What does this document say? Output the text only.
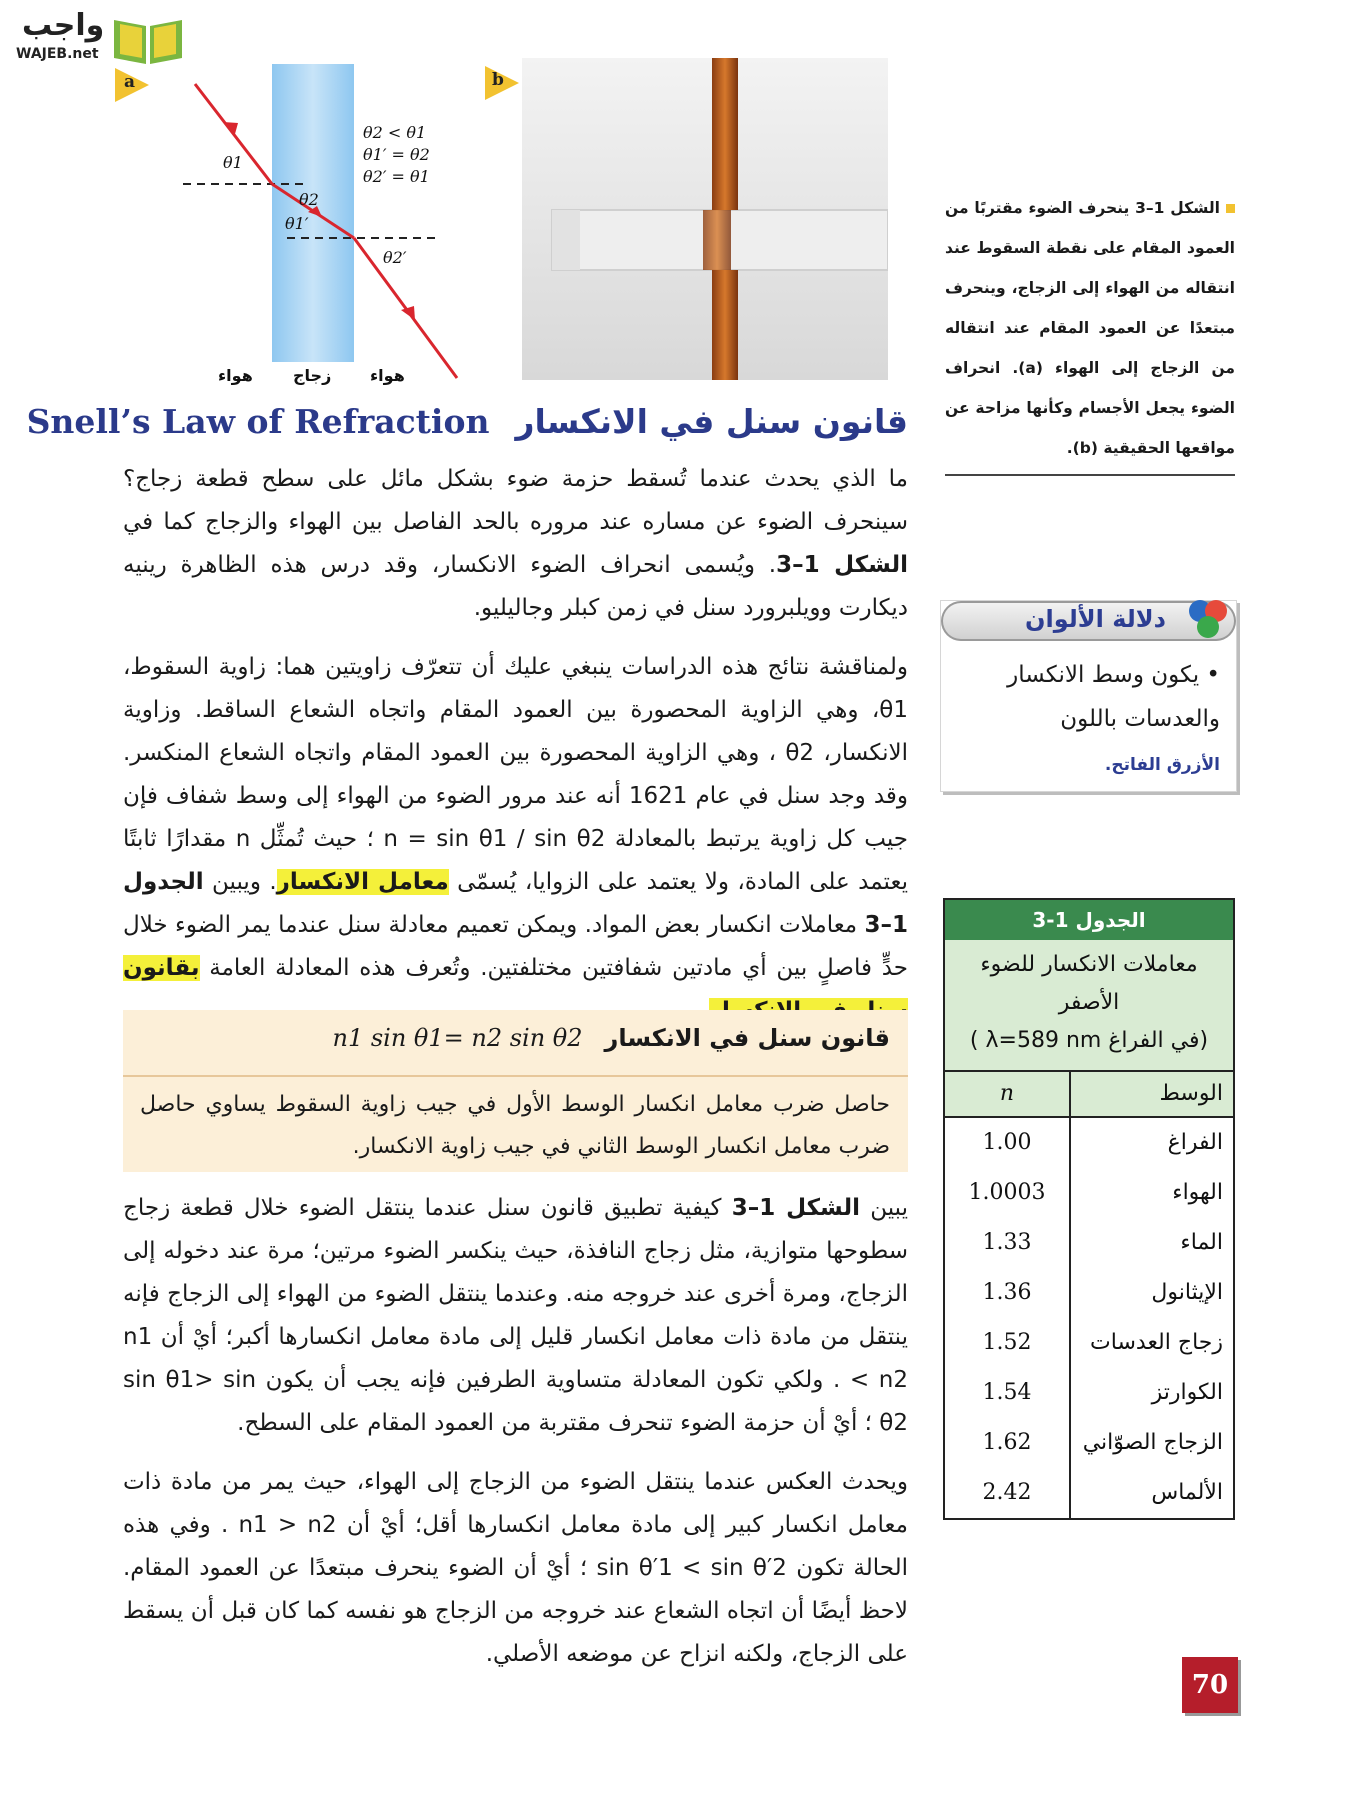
واجب
WAJEB.net
a
θ2 < θ1
θ1′ = θ2
θ2′ = θ1
θ1
θ2
θ1′
θ2′
هواء
زجاج
هواء
b
الشكل 1–3 ينحرف الضوء مقتربًا من العمود المقام على نقطة السقوط عند انتقاله من الهواء إلى الزجاج، وينحرف مبتعدًا عن العمود المقام عند انتقاله من الزجاج إلى الهواء (a). انحراف الضوء يجعل الأجسام وكأنها مزاحة عن مواقعها الحقيقية (b).
قانون سنل في الانكسارSnell’s Law of Refraction
ما الذي يحدث عندما تُسقط حزمة ضوء بشكل مائل على سطح قطعة زجاج؟ سينحرف الضوء عن مساره عند مروره بالحد الفاصل بين الهواء والزجاج كما في الشكل 1–3. ويُسمى انحراف الضوء الانكسار، وقد درس هذه الظاهرة رينيه ديكارت وويلبرورد سنل في زمن كبلر وجاليليو.
ولمناقشة نتائج هذه الدراسات ينبغي عليك أن تتعرّف زاويتين هما: زاوية السقوط، θ1، وهي الزاوية المحصورة بين العمود المقام واتجاه الشعاع الساقط. وزاوية الانكسار، θ2 ، وهي الزاوية المحصورة بين العمود المقام واتجاه الشعاع المنكسر. وقد وجد سنل في عام 1621 أنه عند مرور الضوء من الهواء إلى وسط شفاف فإن جيب كل زاوية يرتبط بالمعادلة n = sin θ1 / sin θ2 ؛ حيث تُمثِّل n مقدارًا ثابتًا يعتمد على المادة، ولا يعتمد على الزوايا، يُسمّى معامل الانكسار. ويبين الجدول 1–3 معاملات انكسار بعض المواد. ويمكن تعميم معادلة سنل عندما يمر الضوء خلال حدٍّ فاصلٍ بين أي مادتين شفافتين مختلفتين. وتُعرف هذه المعادلة العامة بقانون
قانون سنل في الانكسارn1 sin θ1= n2 sin θ2
حاصل ضرب معامل انكسار الوسط الأول في جيب زاوية السقوط يساوي حاصل ضرب معامل انكسار الوسط الثاني في جيب زاوية الانكسار.
يبين الشكل 1–3 كيفية تطبيق قانون سنل عندما ينتقل الضوء خلال قطعة زجاج سطوحها متوازية، مثل زجاج النافذة، حيث ينكسر الضوء مرتين؛ مرة عند دخوله إلى الزجاج، ومرة أخرى عند خروجه منه. وعندما ينتقل الضوء من الهواء إلى الزجاج فإنه ينتقل من مادة ذات معامل انكسار قليل إلى مادة معامل انكسارها أكبر؛ أيْ أن n1 < n2 . ولكي تكون المعادلة متساوية الطرفين فإنه يجب أن يكون sin θ1> sin θ2 ؛ أيْ أن حزمة الضوء تنحرف مقتربة من العمود المقام على السطح.
ويحدث العكس عندما ينتقل الضوء من الزجاج إلى الهواء، حيث يمر من مادة ذات معامل انكسار كبير إلى مادة معامل انكسارها أقل؛ أيْ أن n1 > n2 . وفي هذه الحالة تكون sin θ′1 < sin θ′2 ؛ أيْ أن الضوء ينحرف مبتعدًا عن العمود المقام. لاحظ أيضًا أن اتجاه الشعاع عند خروجه من الزجاج هو نفسه كما كان قبل أن يسقط على الزجاج، ولكنه انزاح عن موضعه الأصلي.
دلالة الألوان
• يكون وسط الانكسار والعدسات باللون
الأزرق الفاتح.
الجدول 1-3
معاملات الانكسار للضوء الأصفر
(في الفراغ λ=589 nm )
الوسط
n
الفراغ
1.00
الهواء
1.0003
الماء
1.33
الإيثانول
1.36
زجاج العدسات
1.52
الكوارتز
1.54
الزجاج الصوّاني
1.62
الألماس
2.42
70
